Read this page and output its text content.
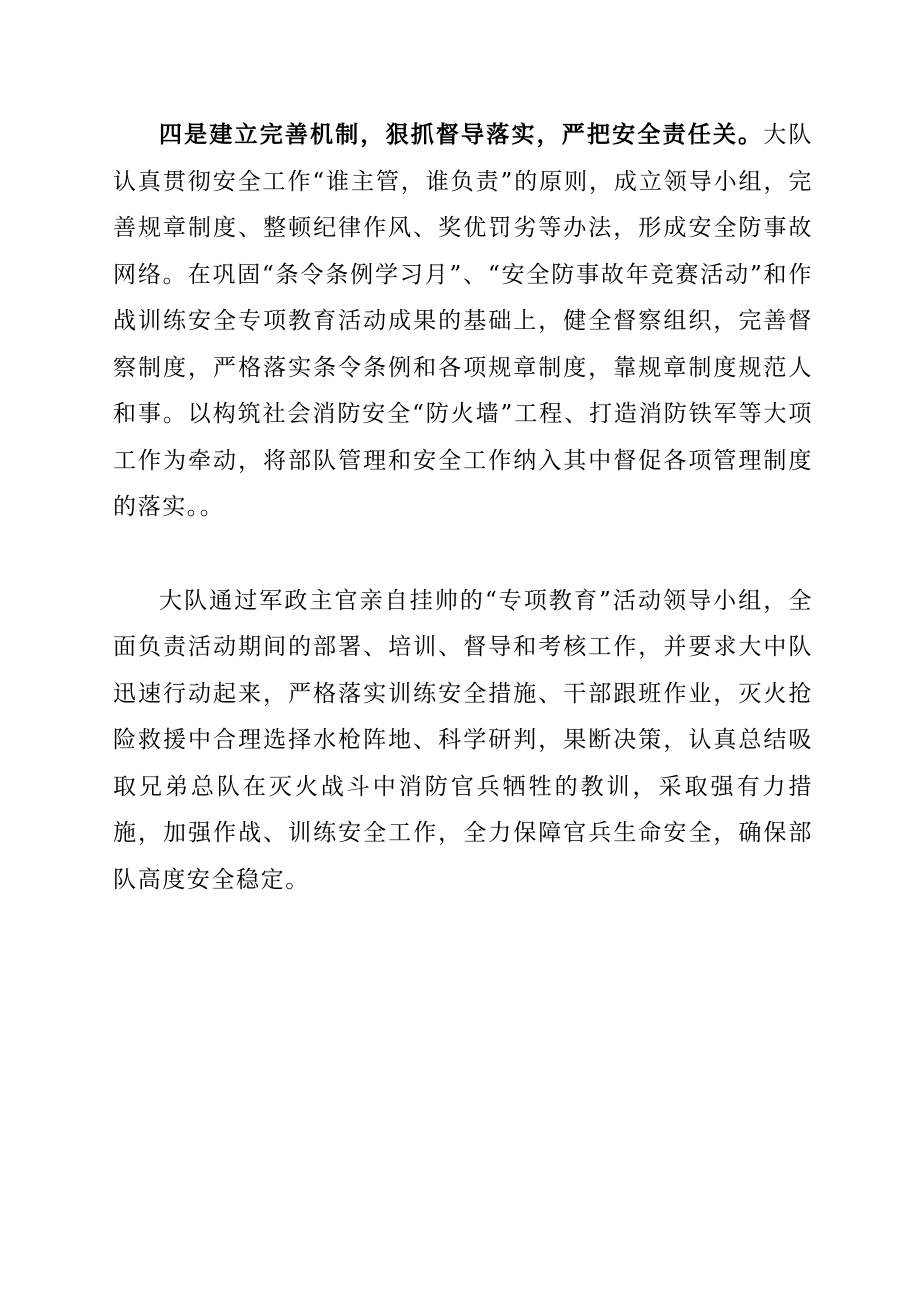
四是建立完善机制，狠抓督导落实，严把安全责任关。大队认真贯彻安全工作“谁主管，谁负责”的原则，成立领导小组，完善规章制度、整顿纪律作风、奖优罚劣等办法，形成安全防事故网络。在巩固“条令条例学习月”、“安全防事故年竞赛活动”和作战训练安全专项教育活动成果的基础上，健全督察组织，完善督察制度，严格落实条令条例和各项规章制度，靠规章制度规范人和事。以构筑社会消防安全“防火墙”工程、打造消防铁军等大项工作为牵动，将部队管理和安全工作纳入其中督促各项管理制度的落实。。

大队通过军政主官亲自挂帅的“专项教育”活动领导小组，全面负责活动期间的部署、培训、督导和考核工作，并要求大中队迅速行动起来，严格落实训练安全措施、干部跟班作业，灭火抢险救援中合理选择水枪阵地、科学研判，果断决策，认真总结吸取兄弟总队在灭火战斗中消防官兵牺牲的教训，采取强有力措施，加强作战、训练安全工作，全力保障官兵生命安全，确保部队高度安全稳定。
